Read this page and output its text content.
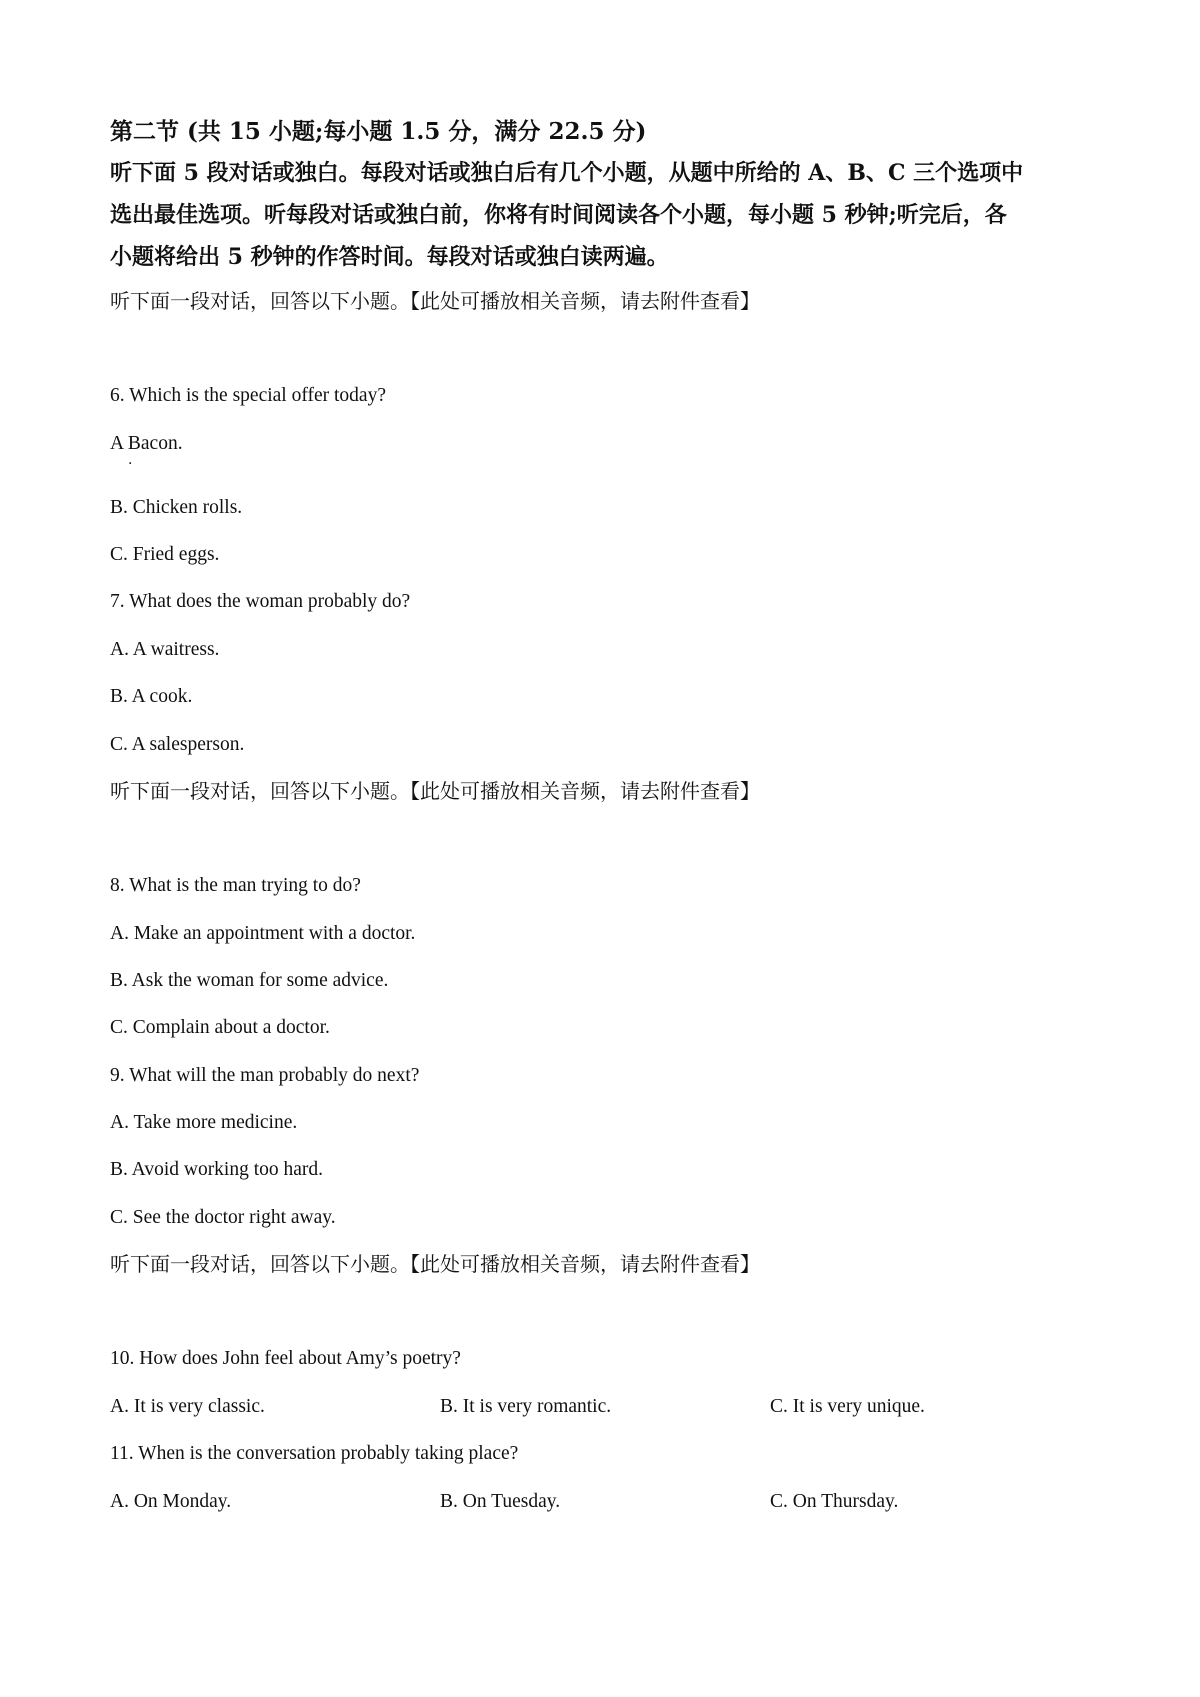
第二节 (共 15 小题;每小题 1.5 分，满分 22.5 分)
听下面 5 段对话或独白。每段对话或独白后有几个小题，从题中所给的 A、B、C 三个选项中
选出最佳选项。听每段对话或独白前，你将有时间阅读各个小题，每小题 5 秒钟;听完后，各
小题将给出 5 秒钟的作答时间。每段对话或独白读两遍。
听下面一段对话，回答以下小题。【此处可播放相关音频，请去附件查看】
6. Which is the special offer today?
A Bacon.
·
B. Chicken rolls.
C. Fried eggs.
7. What does the woman probably do?
A. A waitress.
B. A cook.
C. A salesperson.
听下面一段对话，回答以下小题。【此处可播放相关音频，请去附件查看】
8. What is the man trying to do?
A. Make an appointment with a doctor.
B. Ask the woman for some advice.
C. Complain about a doctor.
9. What will the man probably do next?
A. Take more medicine.
B. Avoid working too hard.
C. See the doctor right away.
听下面一段对话，回答以下小题。【此处可播放相关音频，请去附件查看】
10. How does John feel about Amy’s poetry?
A. It is very classic.	B. It is very romantic.	C. It is very unique.
11. When is the conversation probably taking place?
A. On Monday.	B. On Tuesday.	C. On Thursday.
